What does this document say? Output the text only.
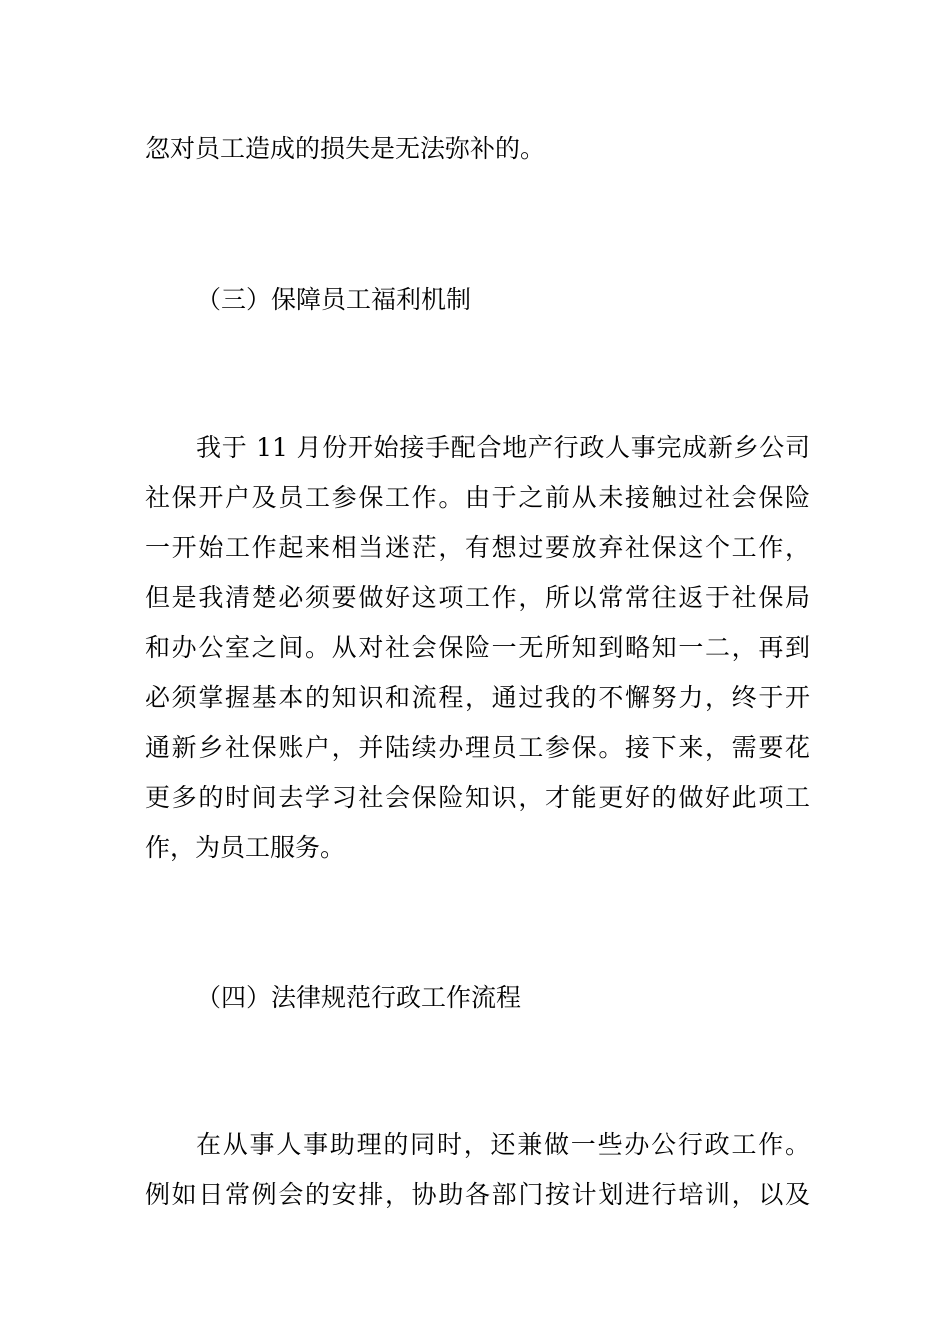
忽对员工造成的损失是无法弥补的。
（三）保障员工福利机制
我于 11 月份开始接手配合地产行政人事完成新乡公司
社保开户及员工参保工作。由于之前从未接触过社会保险
一开始工作起来相当迷茫，有想过要放弃社保这个工作，
但是我清楚必须要做好这项工作，所以常常往返于社保局
和办公室之间。从对社会保险一无所知到略知一二，再到
必须掌握基本的知识和流程，通过我的不懈努力，终于开
通新乡社保账户，并陆续办理员工参保。接下来，需要花
更多的时间去学习社会保险知识，才能更好的做好此项工
作，为员工服务。
（四）法律规范行政工作流程
在从事人事助理的同时，还兼做一些办公行政工作。
例如日常例会的安排，协助各部门按计划进行培训，以及
